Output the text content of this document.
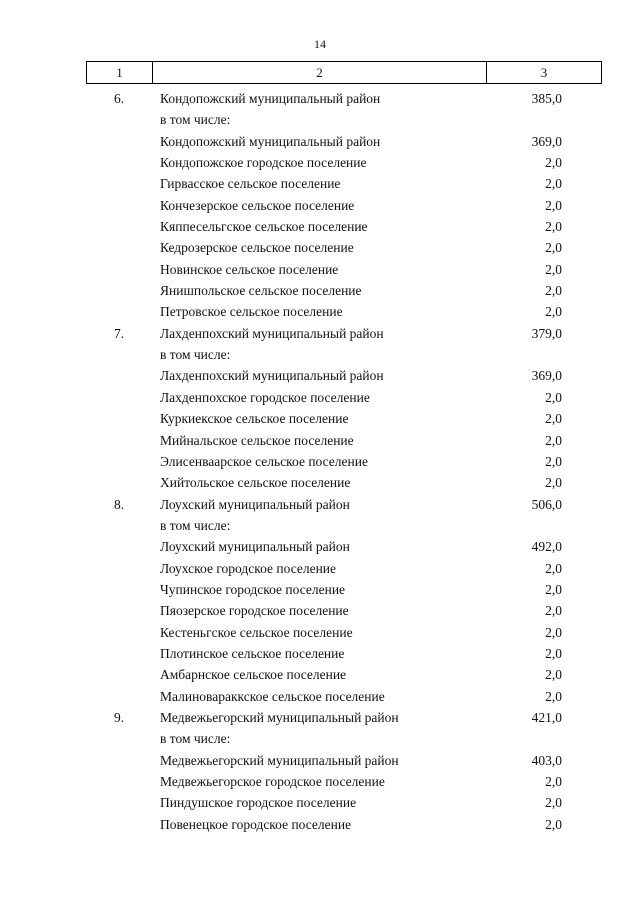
14
1	2	3
6.	Кондопожский муниципальный район	385,0
в том числе:
Кондопожский муниципальный район	369,0
Кондопожское городское поселение	2,0
Гирвасское сельское поселение	2,0
Кончезерское сельское поселение	2,0
Кяппесельгское сельское поселение	2,0
Кедрозерское сельское поселение	2,0
Новинское сельское поселение	2,0
Янишпольское сельское поселение	2,0
Петровское сельское поселение	2,0
7.	Лахденпохский муниципальный район	379,0
в том числе:
Лахденпохский муниципальный район	369,0
Лахденпохское городское поселение	2,0
Куркиекское сельское поселение	2,0
Мийнальское сельское поселение	2,0
Элисенваарское сельское поселение	2,0
Хийтольское сельское поселение	2,0
8.	Лоухский муниципальный район	506,0
в том числе:
Лоухский муниципальный район	492,0
Лоухское городское поселение	2,0
Чупинское городское поселение	2,0
Пяозерское городское поселение	2,0
Кестеньгское сельское поселение	2,0
Плотинское сельское поселение	2,0
Амбарнское сельское поселение	2,0
Малиновараккское сельское поселение	2,0
9.	Медвежьегорский муниципальный район	421,0
в том числе:
Медвежьегорский муниципальный район	403,0
Медвежьегорское городское поселение	2,0
Пиндушское городское поселение	2,0
Повенецкое городское поселение	2,0
